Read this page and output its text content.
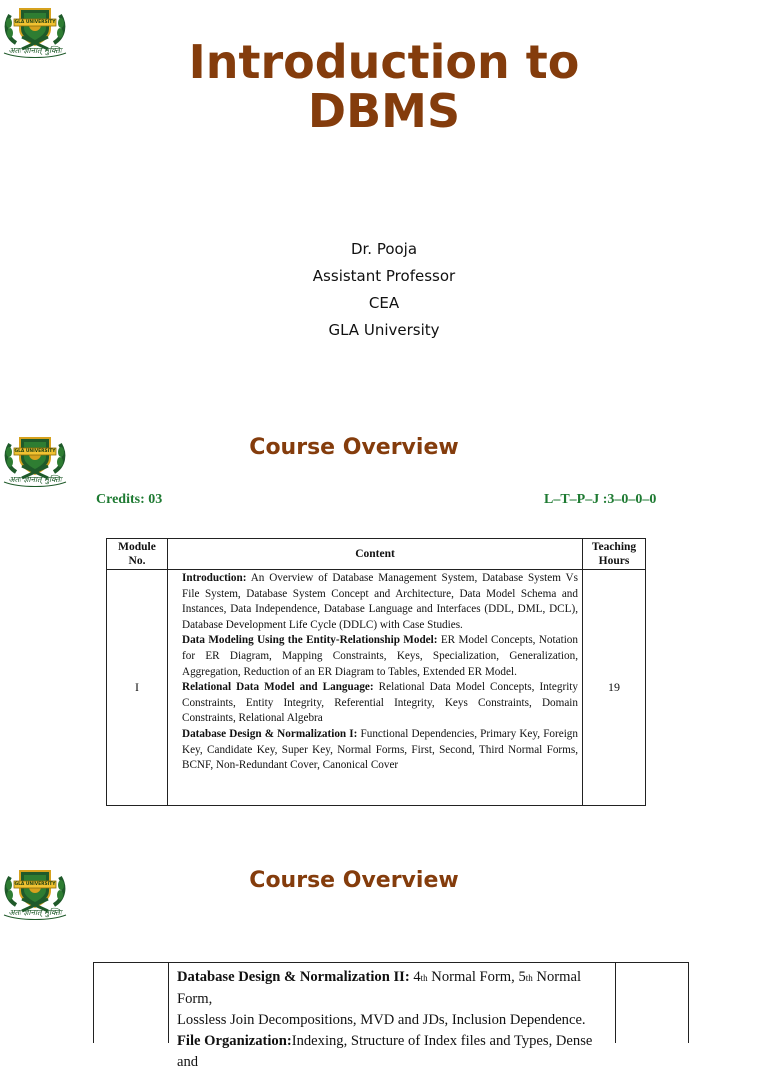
GLA UNIVERSITY
अतः ज्ञानात् मुक्तिः	Introduction to
DBMS
Dr. Pooja
Assistant Professor
CEA
GLA University
GLA UNIVERSITY
अतः ज्ञानात् मुक्तिः
Course Overview
Credits: 03	L–T–P–J :3–0–0–0
Module No.	Content	Teaching Hours
I	Introduction: An Overview of Database Management System, Database System Vs File System, Database System Concept and Architecture, Data Model Schema and Instances, Data Independence, Database Language and Interfaces (DDL, DML, DCL), Database Development Life Cycle (DDLC) with Case Studies.
Data Modeling Using the Entity-Relationship Model: ER Model Concepts, Notation for ER Diagram, Mapping Constraints, Keys, Specialization, Generalization, Aggregation, Reduction of an ER Diagram to Tables, Extended ER Model.
Relational Data Model and Language: Relational Data Model Concepts, Integrity Constraints, Entity Integrity, Referential Integrity, Keys Constraints, Domain Constraints, Relational Algebra
Database Design & Normalization I: Functional Dependencies, Primary Key, Foreign Key, Candidate Key, Super Key, Normal Forms, First, Second, Third Normal Forms, BCNF, Non-Redundant Cover, Canonical Cover	19
GLA UNIVERSITY
अतः ज्ञानात् मुक्तिः
Course Overview
Database Design & Normalization II: 4th Normal Form, 5th Normal Form,
Lossless Join Decompositions, MVD and JDs, Inclusion Dependence.
File Organization:Indexing, Structure of Index files and Types, Dense and
